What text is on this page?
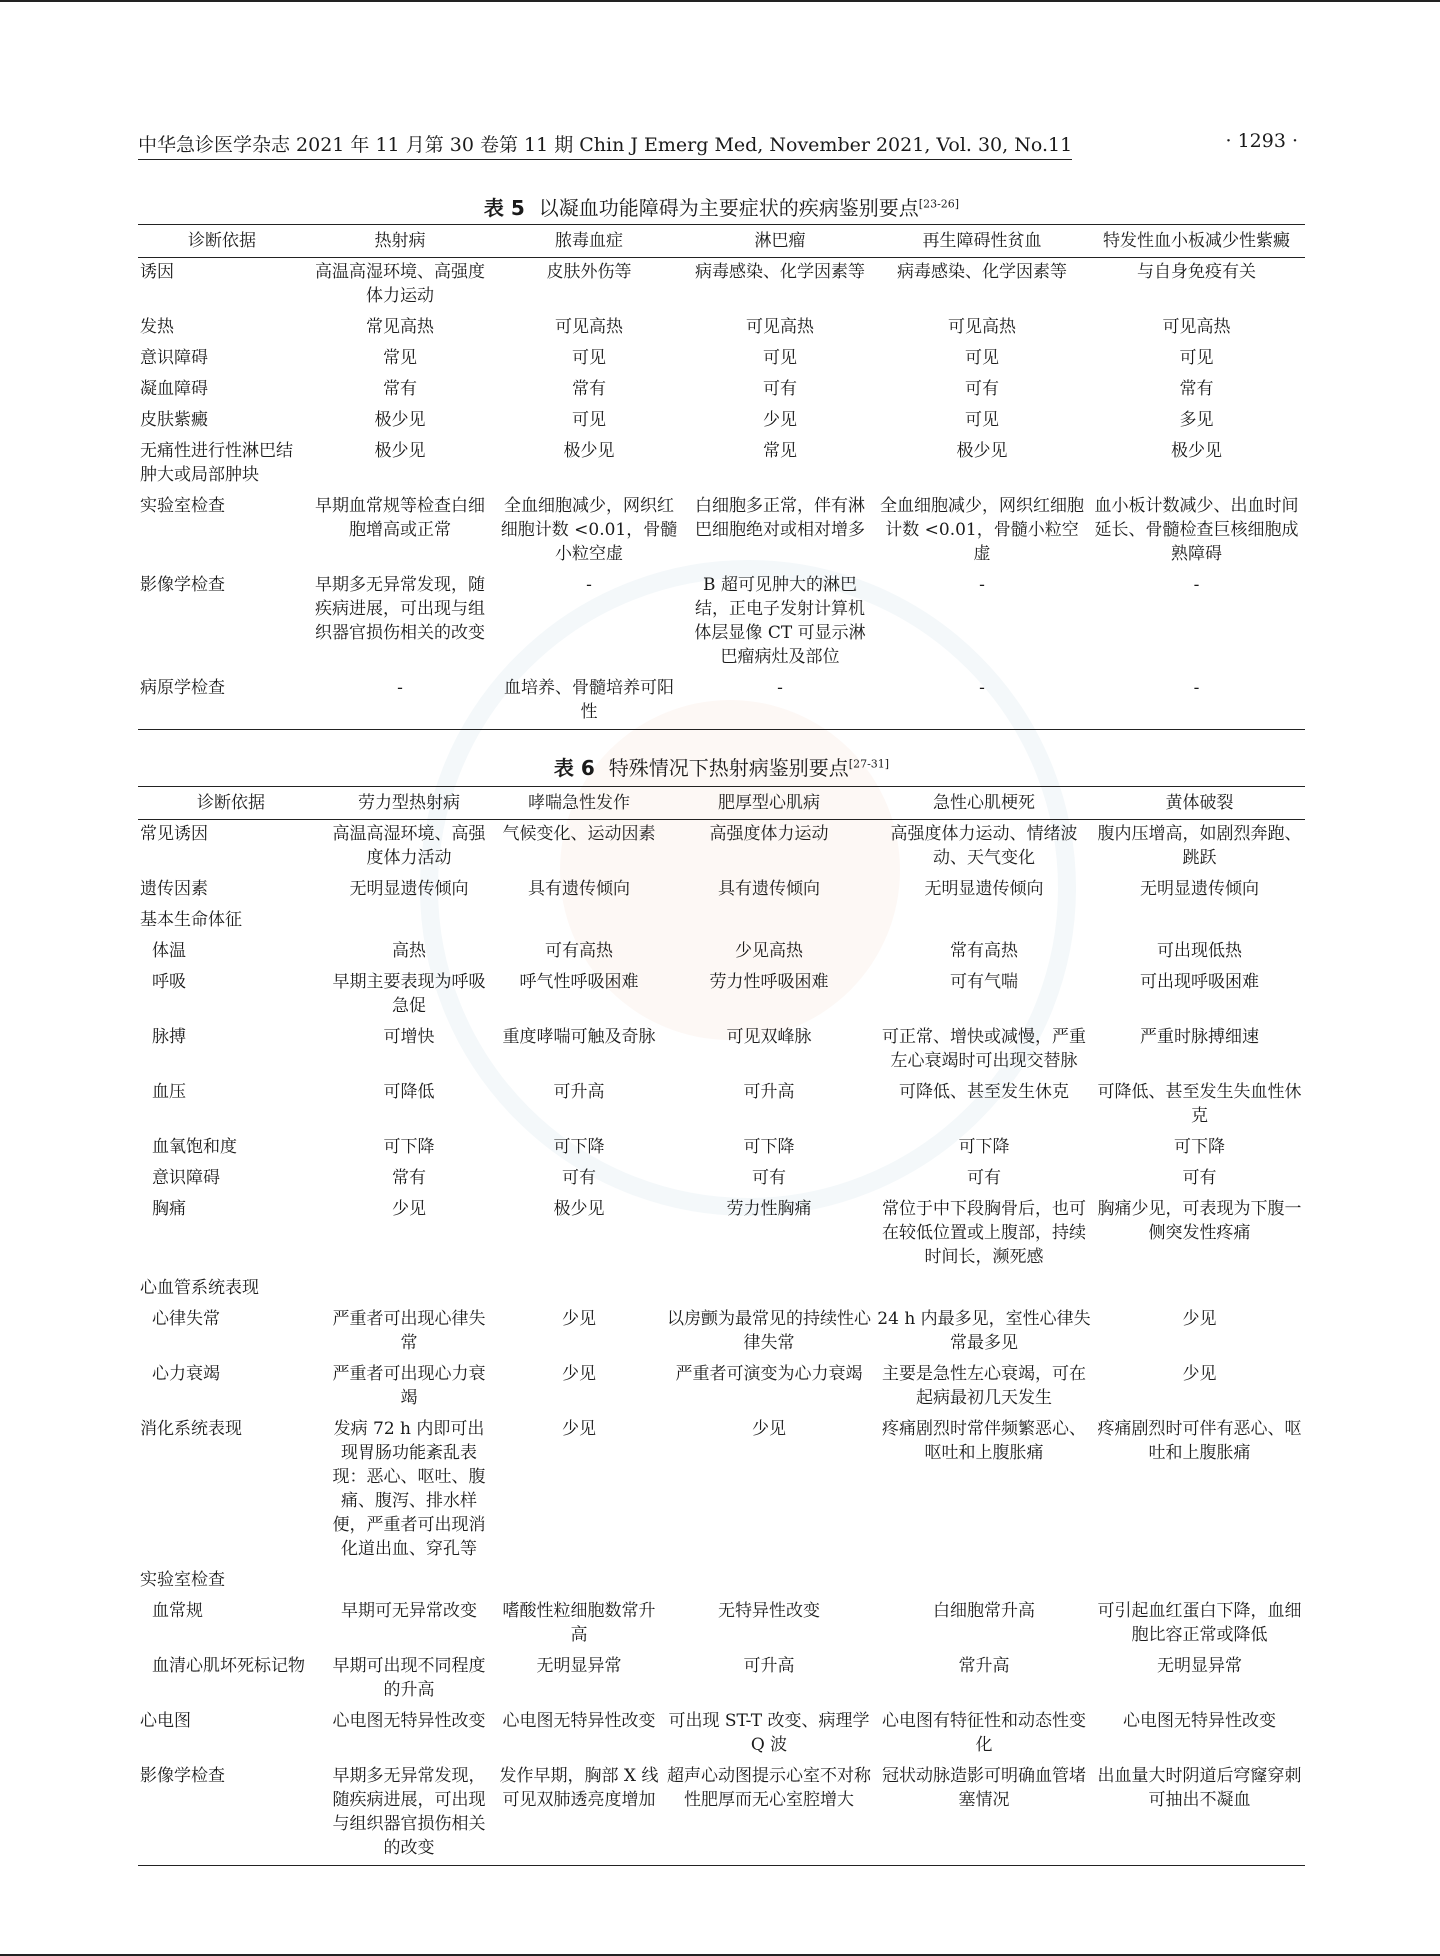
中华急诊医学杂志 2021 年 11 月第 30 卷第 11 期 Chin J Emerg Med, November 2021, Vol. 30, No.11	· 1293 ·
表 5 以凝血功能障碍为主要症状的疾病鉴别要点[23-26]
诊断依据	热射病	脓毒血症	淋巴瘤	再生障碍性贫血	特发性血小板减少性紫癜
诱因	高温高湿环境、高强度体力运动	皮肤外伤等	病毒感染、化学因素等	病毒感染、化学因素等	与自身免疫有关
发热	常见高热	可见高热	可见高热	可见高热	可见高热
意识障碍	常见	可见	可见	可见	可见
凝血障碍	常有	常有	可有	可有	常有
皮肤紫癜	极少见	可见	少见	可见	多见
无痛性进行性淋巴结肿大或局部肿块	极少见	极少见	常见	极少见	极少见
实验室检查	早期血常规等检查白细胞增高或正常	全血细胞减少，网织红细胞计数 <0.01，骨髓小粒空虚	白细胞多正常，伴有淋巴细胞绝对或相对增多	全血细胞减少，网织红细胞计数 <0.01，骨髓小粒空虚	血小板计数减少、出血时间延长、骨髓检查巨核细胞成熟障碍
影像学检查	早期多无异常发现，随疾病进展，可出现与组织器官损伤相关的改变	-	B 超可见肿大的淋巴结，正电子发射计算机体层显像 CT 可显示淋巴瘤病灶及部位	-	-
病原学检查	-	血培养、骨髓培养可阳性	-	-	-
表 6 特殊情况下热射病鉴别要点[27-31]
诊断依据	劳力型热射病	哮喘急性发作	肥厚型心肌病	急性心肌梗死	黄体破裂
常见诱因	高温高湿环境、高强度体力活动	气候变化、运动因素	高强度体力运动	高强度体力运动、情绪波动、天气变化	腹内压增高，如剧烈奔跑、跳跃
遗传因素	无明显遗传倾向	具有遗传倾向	具有遗传倾向	无明显遗传倾向	无明显遗传倾向
基本生命体征					
体温	高热	可有高热	少见高热	常有高热	可出现低热
呼吸	早期主要表现为呼吸急促	呼气性呼吸困难	劳力性呼吸困难	可有气喘	可出现呼吸困难
脉搏	可增快	重度哮喘可触及奇脉	可见双峰脉	可正常、增快或减慢，严重左心衰竭时可出现交替脉	严重时脉搏细速
血压	可降低	可升高	可升高	可降低、甚至发生休克	可降低、甚至发生失血性休克
血氧饱和度	可下降	可下降	可下降	可下降	可下降
意识障碍	常有	可有	可有	可有	可有
胸痛	少见	极少见	劳力性胸痛	常位于中下段胸骨后，也可在较低位置或上腹部，持续时间长，濒死感	胸痛少见，可表现为下腹一侧突发性疼痛
心血管系统表现					
心律失常	严重者可出现心律失常	少见	以房颤为最常见的持续性心律失常	24 h 内最多见，室性心律失常最多见	少见
心力衰竭	严重者可出现心力衰竭	少见	严重者可演变为心力衰竭	主要是急性左心衰竭，可在起病最初几天发生	少见
消化系统表现	发病 72 h 内即可出现胃肠功能紊乱表现：恶心、呕吐、腹痛、腹泻、排水样便，严重者可出现消化道出血、穿孔等	少见	少见	疼痛剧烈时常伴频繁恶心、呕吐和上腹胀痛	疼痛剧烈时可伴有恶心、呕吐和上腹胀痛
实验室检查					
血常规	早期可无异常改变	嗜酸性粒细胞数常升高	无特异性改变	白细胞常升高	可引起血红蛋白下降，血细胞比容正常或降低
血清心肌坏死标记物	早期可出现不同程度的升高	无明显异常	可升高	常升高	无明显异常
心电图	心电图无特异性改变	心电图无特异性改变	可出现 ST-T 改变、病理学 Q 波	心电图有特征性和动态性变化	心电图无特异性改变
影像学检查	早期多无异常发现，随疾病进展，可出现与组织器官损伤相关的改变	发作早期，胸部 X 线可见双肺透亮度增加	超声心动图提示心室不对称性肥厚而无心室腔增大	冠状动脉造影可明确血管堵塞情况	出血量大时阴道后穹窿穿刺可抽出不凝血
